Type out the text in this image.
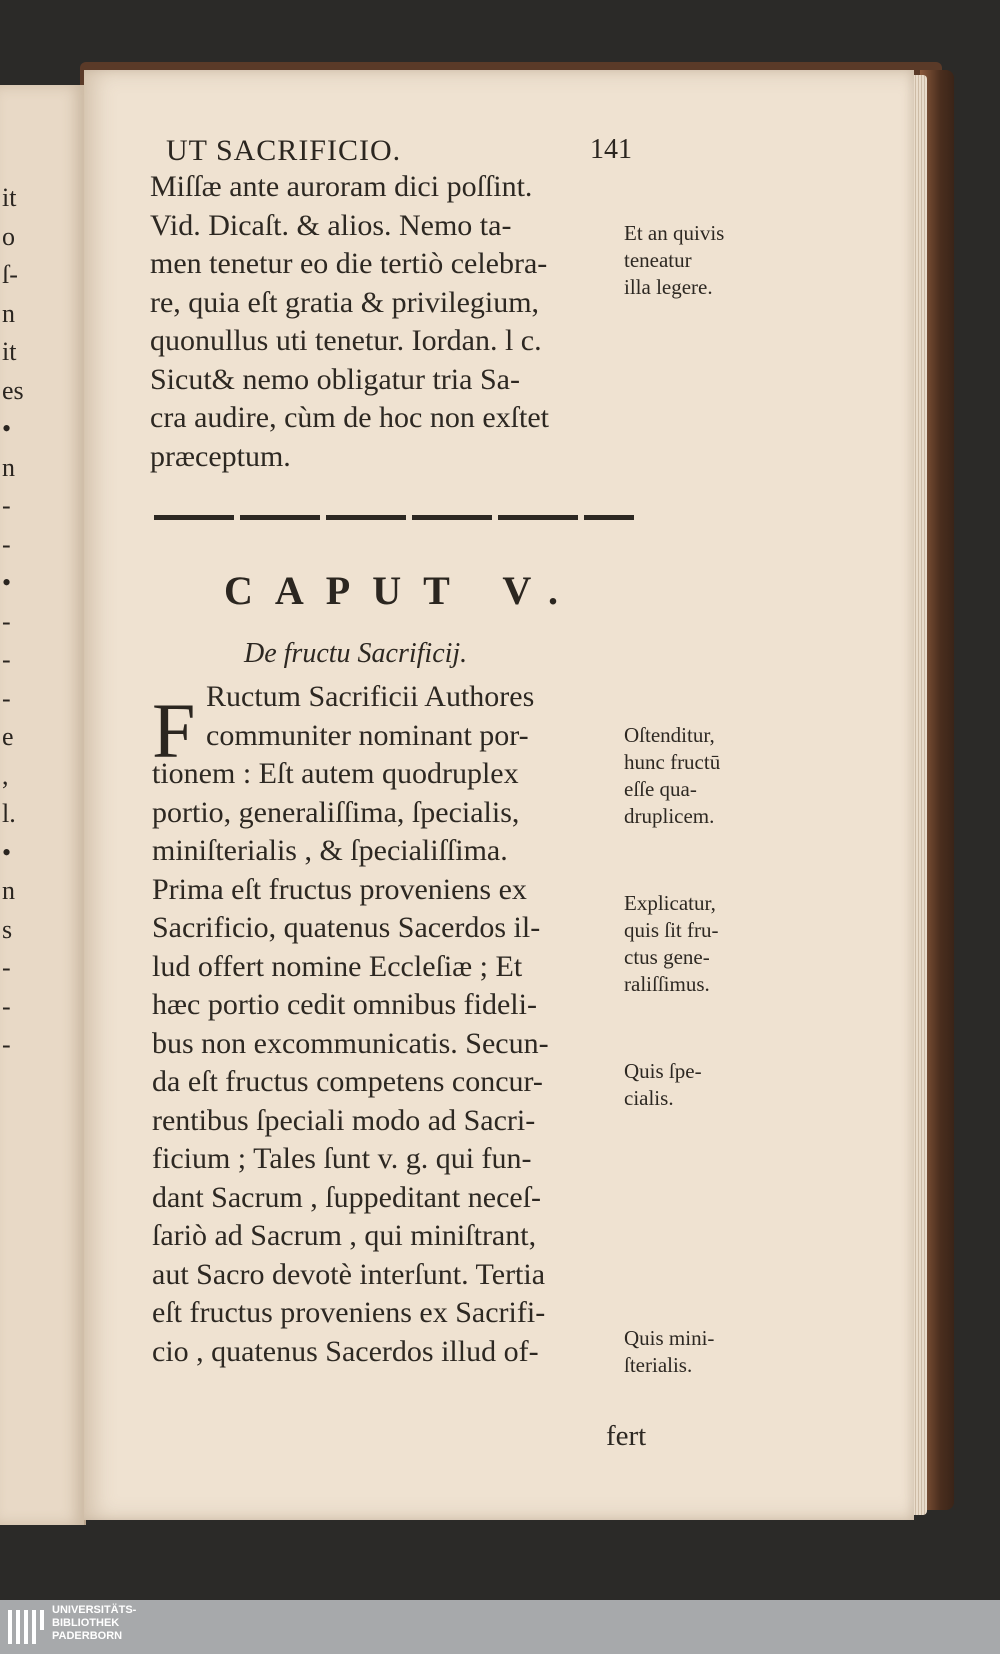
it
o
ſ-
n
it
es
•
n
-
-
•
-
-
-
e
,
l.
•
n
s
-
-
-
UT SACRIFICIO.	141
Miſſæ ante auroram dici poſſint.
Vid. Dicaſt. & alios. Nemo ta-
men tenetur eo die tertiò celebra-
re, quia eſt gratia & privilegium,
quonullus uti tenetur. Iordan. l c.
Sicut& nemo obligatur tria Sa-
cra audire, cùm de hoc non exſtet
præceptum.
CAPUT V.
De fructu Sacrificij.
F Ructum Sacrificii Authores
communiter nominant por-
tionem : Eſt autem quodruplex
portio, generaliſſima, ſpecialis,
miniſterialis , & ſpecialiſſima.
Prima eſt fructus proveniens ex
Sacrificio, quatenus Sacerdos il-
lud offert nomine Eccleſiæ ; Et
hæc portio cedit omnibus fideli-
bus non excommunicatis. Secun-
da eſt fructus competens concur-
rentibus ſpeciali modo ad Sacri-
ficium ; Tales ſunt v. g. qui fun-
dant Sacrum , ſuppeditant neceſ-
ſariò ad Sacrum , qui miniſtrant,
aut Sacro devotè interſunt. Tertia
eſt fructus proveniens ex Sacrifi-
cio , quatenus Sacerdos illud of-
Et an quivis
teneatur
illa legere.
Oſtenditur,
hunc fructū
eſſe qua-
druplicem.
Explicatur,
quis ſit fru-
ctus gene-
raliſſimus.
Quis ſpe-
cialis.
Quis mini-
ſterialis.
fert
UNIVERSITÄTS-
BIBLIOTHEK
PADERBORN
